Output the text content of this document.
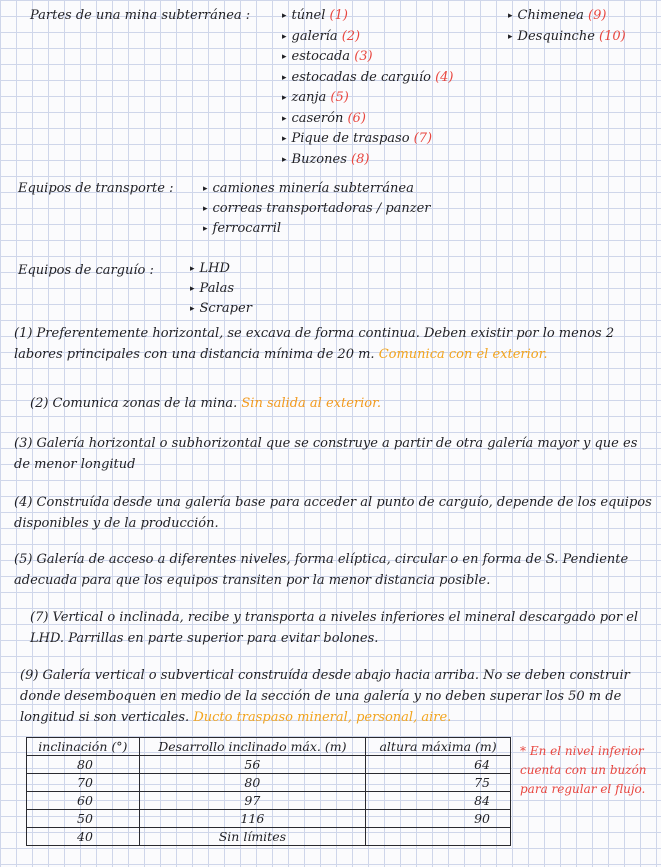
Partes de una mina subterránea :	▸ túnel (1)
▸ galería (2)
▸ estocada (3)
▸ estocadas de carguío (4)
▸ zanja (5)
▸ caserón (6)
▸ Pique de traspaso (7)
▸ Buzones (8)
▸ Chimenea (9)
▸ Desquinche (10)
Equipos de transporte :	▸ camiones minería subterránea
▸ correas transportadoras / panzer
▸ ferrocarril
Equipos de carguío :	▸ LHD
▸ Palas
▸ Scraper
(1) Preferentemente horizontal, se excava de forma continua. Deben existir por lo menos 2 labores principales con una distancia mínima de 20 m. Comunica con el exterior.
(2) Comunica zonas de la mina. Sin salida al exterior.
(3) Galería horizontal o subhorizontal que se construye a partir de otra galería mayor y que es de menor longitud
(4) Construída desde una galería base para acceder al punto de carguío, depende de los equipos disponibles y de la producción.
(5) Galería de acceso a diferentes niveles, forma elíptica, circular o en forma de S. Pendiente adecuada para que los equipos transiten por la menor distancia posible.
(7) Vertical o inclinada, recibe y transporta a niveles inferiores el mineral descargado por el LHD. Parrillas en parte superior para evitar bolones.
(9) Galería vertical o subvertical construída desde abajo hacia arriba. No se deben construir donde desemboquen en medio de la sección de una galería y no deben superar los 50 m de longitud si son verticales. Ducto traspaso mineral, personal, aire.
inclinación (°)	Desarrollo inclinado máx. (m)	altura máxima (m)
80	56	64
70	80	75
60	97	84
50	116	90
40	Sin límites	
* En el nivel inferior cuenta con un buzón para regular el flujo.
